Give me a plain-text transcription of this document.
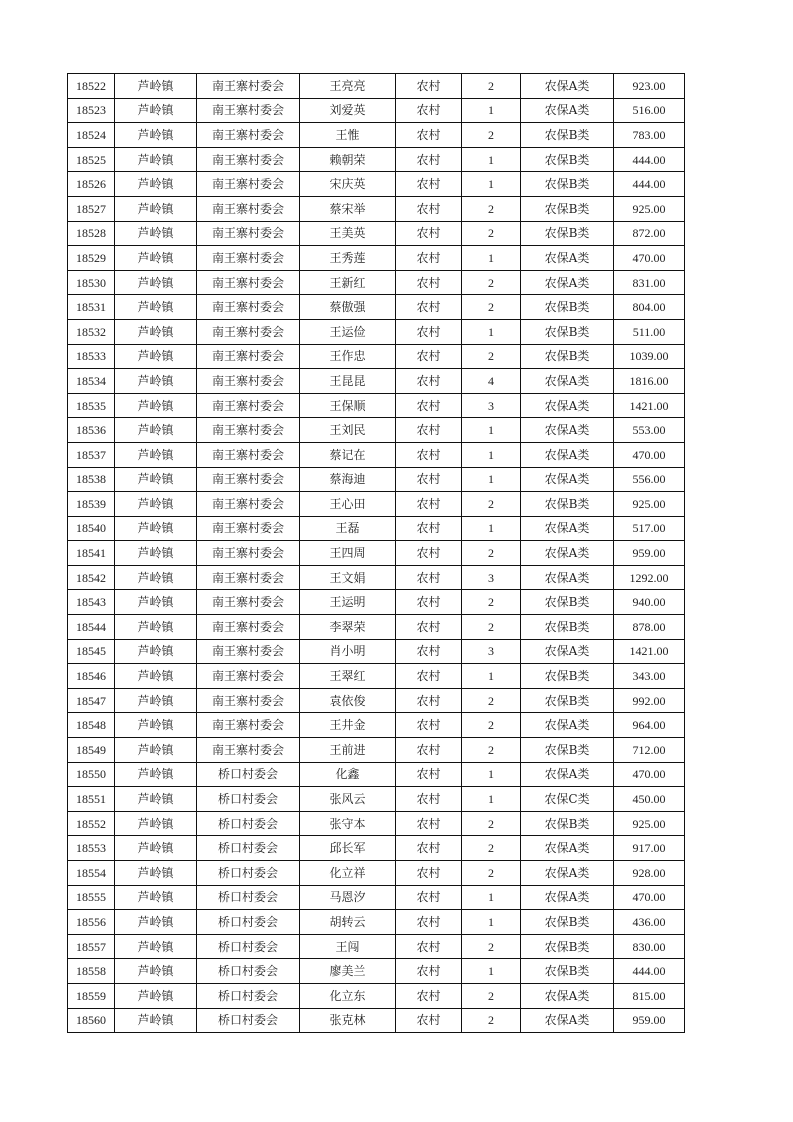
18522	芦岭镇	南王寨村委会	王亮亮	农村	2	农保A类	923.00
18523	芦岭镇	南王寨村委会	刘爱英	农村	1	农保A类	516.00
18524	芦岭镇	南王寨村委会	王惟	农村	2	农保B类	783.00
18525	芦岭镇	南王寨村委会	赖朝荣	农村	1	农保B类	444.00
18526	芦岭镇	南王寨村委会	宋庆英	农村	1	农保B类	444.00
18527	芦岭镇	南王寨村委会	蔡宋举	农村	2	农保B类	925.00
18528	芦岭镇	南王寨村委会	王美英	农村	2	农保B类	872.00
18529	芦岭镇	南王寨村委会	王秀莲	农村	1	农保A类	470.00
18530	芦岭镇	南王寨村委会	王新红	农村	2	农保A类	831.00
18531	芦岭镇	南王寨村委会	蔡傲强	农村	2	农保B类	804.00
18532	芦岭镇	南王寨村委会	王运俭	农村	1	农保B类	511.00
18533	芦岭镇	南王寨村委会	王作忠	农村	2	农保B类	1039.00
18534	芦岭镇	南王寨村委会	王昆昆	农村	4	农保A类	1816.00
18535	芦岭镇	南王寨村委会	王保顺	农村	3	农保A类	1421.00
18536	芦岭镇	南王寨村委会	王刘民	农村	1	农保A类	553.00
18537	芦岭镇	南王寨村委会	蔡记在	农村	1	农保A类	470.00
18538	芦岭镇	南王寨村委会	蔡海迪	农村	1	农保A类	556.00
18539	芦岭镇	南王寨村委会	王心田	农村	2	农保B类	925.00
18540	芦岭镇	南王寨村委会	王磊	农村	1	农保A类	517.00
18541	芦岭镇	南王寨村委会	王四周	农村	2	农保A类	959.00
18542	芦岭镇	南王寨村委会	王文娟	农村	3	农保A类	1292.00
18543	芦岭镇	南王寨村委会	王运明	农村	2	农保B类	940.00
18544	芦岭镇	南王寨村委会	李翠荣	农村	2	农保B类	878.00
18545	芦岭镇	南王寨村委会	肖小明	农村	3	农保A类	1421.00
18546	芦岭镇	南王寨村委会	王翠红	农村	1	农保B类	343.00
18547	芦岭镇	南王寨村委会	袁依俊	农村	2	农保B类	992.00
18548	芦岭镇	南王寨村委会	王井金	农村	2	农保A类	964.00
18549	芦岭镇	南王寨村委会	王前进	农村	2	农保B类	712.00
18550	芦岭镇	桥口村委会	化鑫	农村	1	农保A类	470.00
18551	芦岭镇	桥口村委会	张风云	农村	1	农保C类	450.00
18552	芦岭镇	桥口村委会	张守本	农村	2	农保B类	925.00
18553	芦岭镇	桥口村委会	邱长军	农村	2	农保A类	917.00
18554	芦岭镇	桥口村委会	化立祥	农村	2	农保A类	928.00
18555	芦岭镇	桥口村委会	马恩汐	农村	1	农保A类	470.00
18556	芦岭镇	桥口村委会	胡转云	农村	1	农保B类	436.00
18557	芦岭镇	桥口村委会	王闯	农村	2	农保B类	830.00
18558	芦岭镇	桥口村委会	廖美兰	农村	1	农保B类	444.00
18559	芦岭镇	桥口村委会	化立东	农村	2	农保A类	815.00
18560	芦岭镇	桥口村委会	张克林	农村	2	农保A类	959.00
